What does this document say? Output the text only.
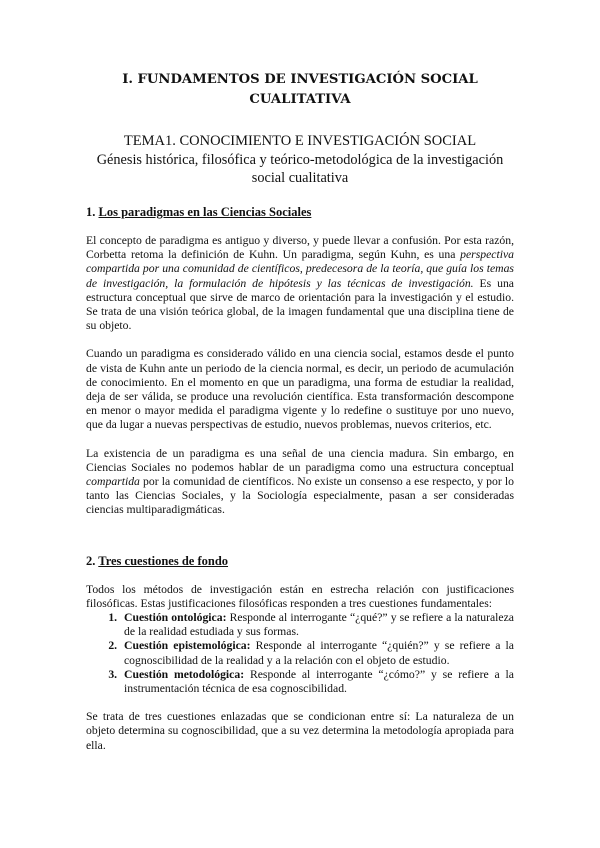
I. FUNDAMENTOS DE INVESTIGACIÓN SOCIAL
CUALITATIVA
TEMA1. CONOCIMIENTO E INVESTIGACIÓN SOCIAL
Génesis histórica, filosófica y teórico-metodológica de la investigación
social cualitativa
1. Los paradigmas en las Ciencias Sociales

El concepto de paradigma es antiguo y diverso, y puede llevar a confusión. Por esta razón, Corbetta retoma la definición de Kuhn. Un paradigma, según Kuhn, es una perspectiva compartida por una comunidad de científicos, predecesora de la teoría, que guía los temas de investigación, la formulación de hipótesis y las técnicas de investigación. Es una estructura conceptual que sirve de marco de orientación para la investigación y el estudio. Se trata de una visión teórica global, de la imagen fundamental que una disciplina tiene de su objeto.

Cuando un paradigma es considerado válido en una ciencia social, estamos desde el punto de vista de Kuhn ante un periodo de la ciencia normal, es decir, un periodo de acumulación de conocimiento. En el momento en que un paradigma, una forma de estudiar la realidad, deja de ser válida, se produce una revolución científica. Esta transformación descompone en menor o mayor medida el paradigma vigente y lo redefine o sustituye por uno nuevo, que da lugar a nuevas perspectivas de estudio, nuevos problemas, nuevos criterios, etc.

La existencia de un paradigma es una señal de una ciencia madura. Sin embargo, en Ciencias Sociales no podemos hablar de un paradigma como una estructura conceptual compartida por la comunidad de científicos. No existe un consenso a ese respecto, y por lo tanto las Ciencias Sociales, y la Sociología especialmente, pasan a ser consideradas ciencias multiparadigmáticas.

2. Tres cuestiones de fondo

Todos los métodos de investigación están en estrecha relación con justificaciones filosóficas. Estas justificaciones filosóficas responden a tres cuestiones fundamentales:

1. Cuestión ontológica: Responde al interrogante “¿qué?” y se refiere a la naturaleza de la realidad estudiada y sus formas.
2. Cuestión epistemológica: Responde al interrogante “¿quién?” y se refiere a la cognoscibilidad de la realidad y a la relación con el objeto de estudio.
3. Cuestión metodológica: Responde al interrogante “¿cómo?” y se refiere a la instrumentación técnica de esa cognoscibilidad.

Se trata de tres cuestiones enlazadas que se condicionan entre sí: La naturaleza de un objeto determina su cognoscibilidad, que a su vez determina la metodología apropiada para ella.
